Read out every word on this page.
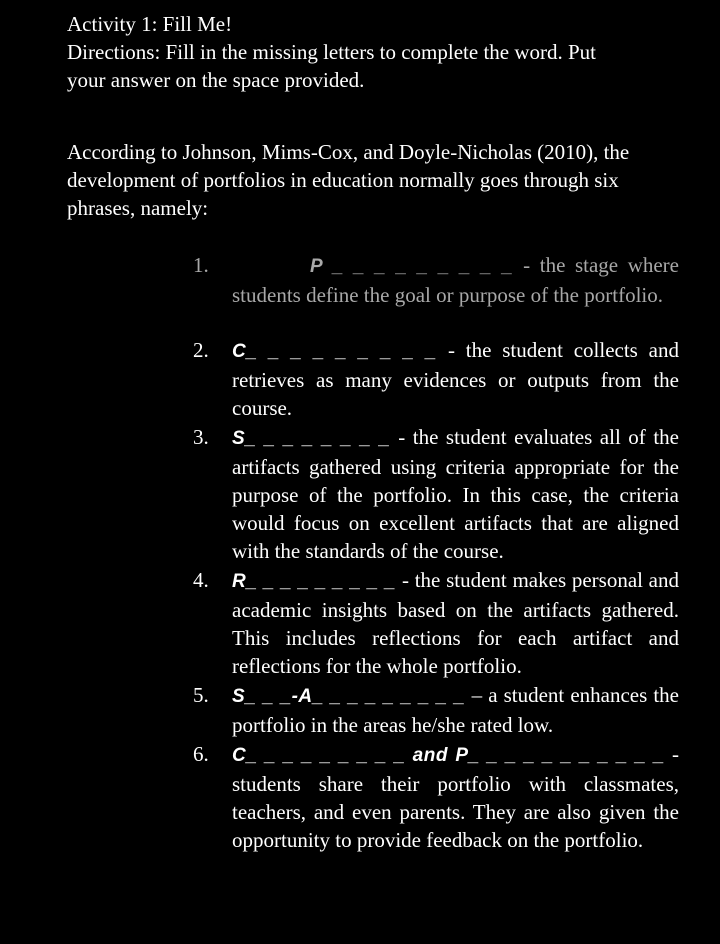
Activity 1: Fill Me!
Directions: Fill in the missing letters to complete the word. Put
your answer on the space provided.
According to Johnson, Mims-Cox, and Doyle-Nicholas (2010), the development of portfolios in education normally goes through six phrases, namely:
1.	P _ _ _ _ _ _ _ _ _ - the stage where students define the goal or purpose of the portfolio.
2.	C_ _ _ _ _ _ _ _ _ - the student collects and retrieves as many evidences or outputs from the course.
3.	S_ _ _ _ _ _ _ _ - the student evaluates all of the artifacts gathered using criteria appropriate for the purpose of the portfolio. In this case, the criteria would focus on excellent artifacts that are aligned with the standards of the course.
4.	R_ _ _ _ _ _ _ _ _ - the student makes personal and academic insights based on the artifacts gathered. This includes reflections for each artifact and reflections for the whole portfolio.
5.	S_ _ _-A_ _ _ _ _ _ _ _ _ – a student enhances the portfolio in the areas he/she rated low.
6.	C_ _ _ _ _ _ _ _ _ and P_ _ _ _ _ _ _ _ _ _ _ - students share their portfolio with classmates, teachers, and even parents. They are also given the opportunity to provide feedback on the portfolio.
